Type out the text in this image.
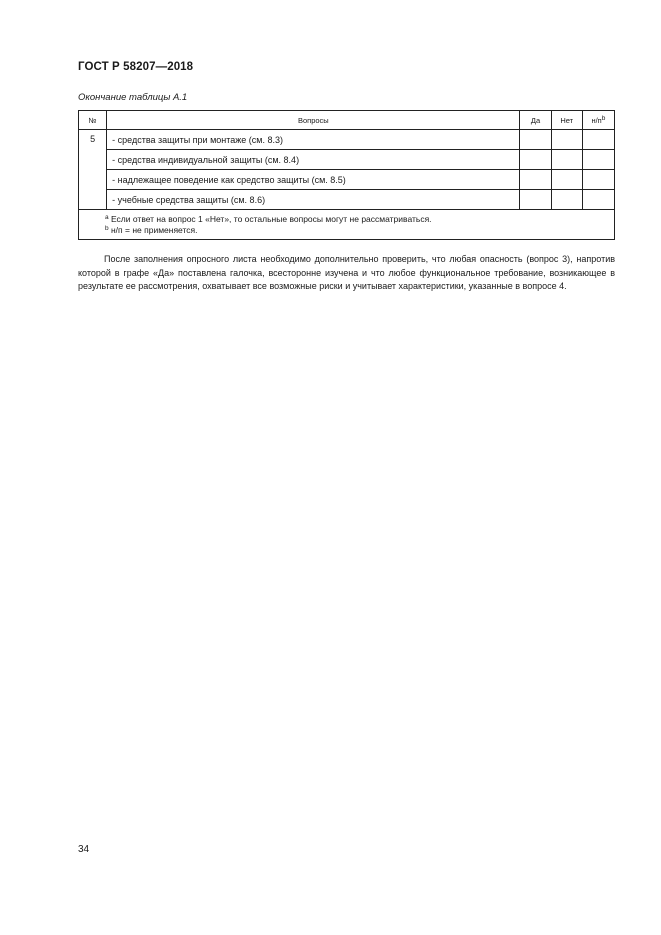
ГОСТ Р 58207—2018
Окончание таблицы А.1
№	Вопросы	Да	Нет	$н/п^b$
5	- средства защиты при монтаже (см. 8.3)			
	- средства индивидуальной защиты (см. 8.4)			
	- надлежащее поведение как средство защиты (см. 8.5)			
	- учебные средства защиты (см. 8.6)			

$^a$ Если ответ на вопрос 1 «Нет», то остальные вопросы могут не рассматриваться.
$^b$ н/п = не применяется.				

После заполнения опросного листа необходимо дополнительно проверить, что любая опасность (вопрос 3), напротив которой в графе «Да» поставлена галочка, всесторонне изучена и что любое функциональное требование, возникающее в результате ее рассмотрения, охватывает все возможные риски и учитывает характеристики, указанные в вопросе 4.

34
